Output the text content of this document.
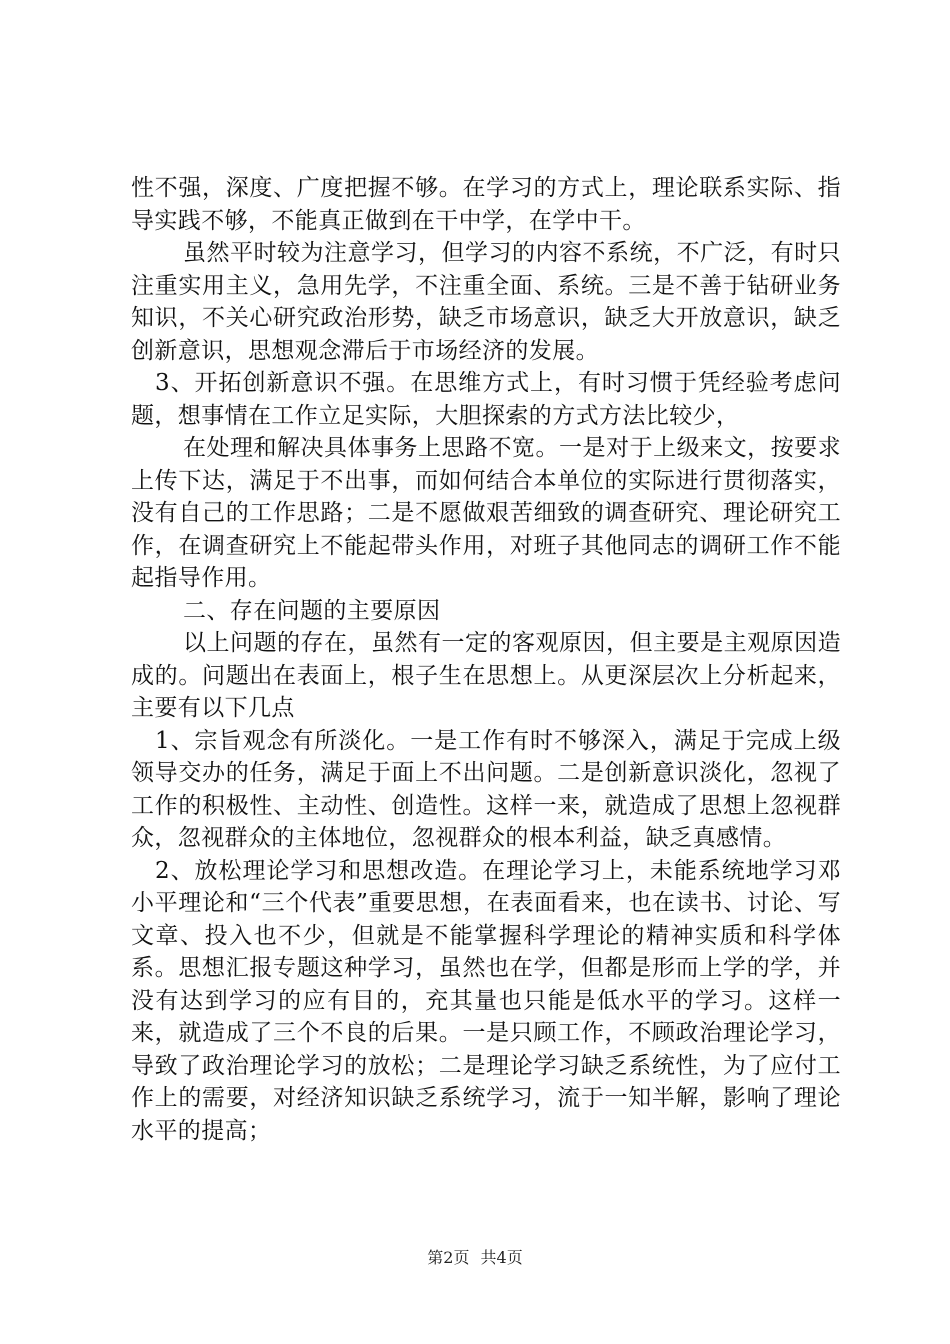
性不强，深度、广度把握不够。在学习的方式上，理论联系实际、指导实践不够，不能真正做到在干中学，在学中干。

虽然平时较为注意学习，但学习的内容不系统，不广泛，有时只注重实用主义，急用先学，不注重全面、系统。三是不善于钻研业务知识，不关心研究政治形势，缺乏市场意识，缺乏大开放意识，缺乏创新意识，思想观念滞后于市场经济的发展。

3、开拓创新意识不强。在思维方式上，有时习惯于凭经验考虑问题，想事情在工作立足实际，大胆探索的方式方法比较少，

在处理和解决具体事务上思路不宽。一是对于上级来文，按要求上传下达，满足于不出事，而如何结合本单位的实际进行贯彻落实，没有自己的工作思路；二是不愿做艰苦细致的调查研究、理论研究工作，在调查研究上不能起带头作用，对班子其他同志的调研工作不能起指导作用。

二、存在问题的主要原因

以上问题的存在，虽然有一定的客观原因，但主要是主观原因造成的。问题出在表面上，根子生在思想上。从更深层次上分析起来，主要有以下几点

1、宗旨观念有所淡化。一是工作有时不够深入，满足于完成上级领导交办的任务，满足于面上不出问题。二是创新意识淡化，忽视了工作的积极性、主动性、创造性。这样一来，就造成了思想上忽视群众，忽视群众的主体地位，忽视群众的根本利益，缺乏真感情。

2、放松理论学习和思想改造。在理论学习上，未能系统地学习邓小平理论和“三个代表”重要思想，在表面看来，也在读书、讨论、写文章、投入也不少，但就是不能掌握科学理论的精神实质和科学体系。思想汇报专题这种学习，虽然也在学，但都是形而上学的学，并没有达到学习的应有目的，充其量也只能是低水平的学习。这样一来，就造成了三个不良的后果。一是只顾工作，不顾政治理论学习，导致了政治理论学习的放松；二是理论学习缺乏系统性，为了应付工作上的需要，对经济知识缺乏系统学习，流于一知半解，影响了理论水平的提高；

第2页 共4页
